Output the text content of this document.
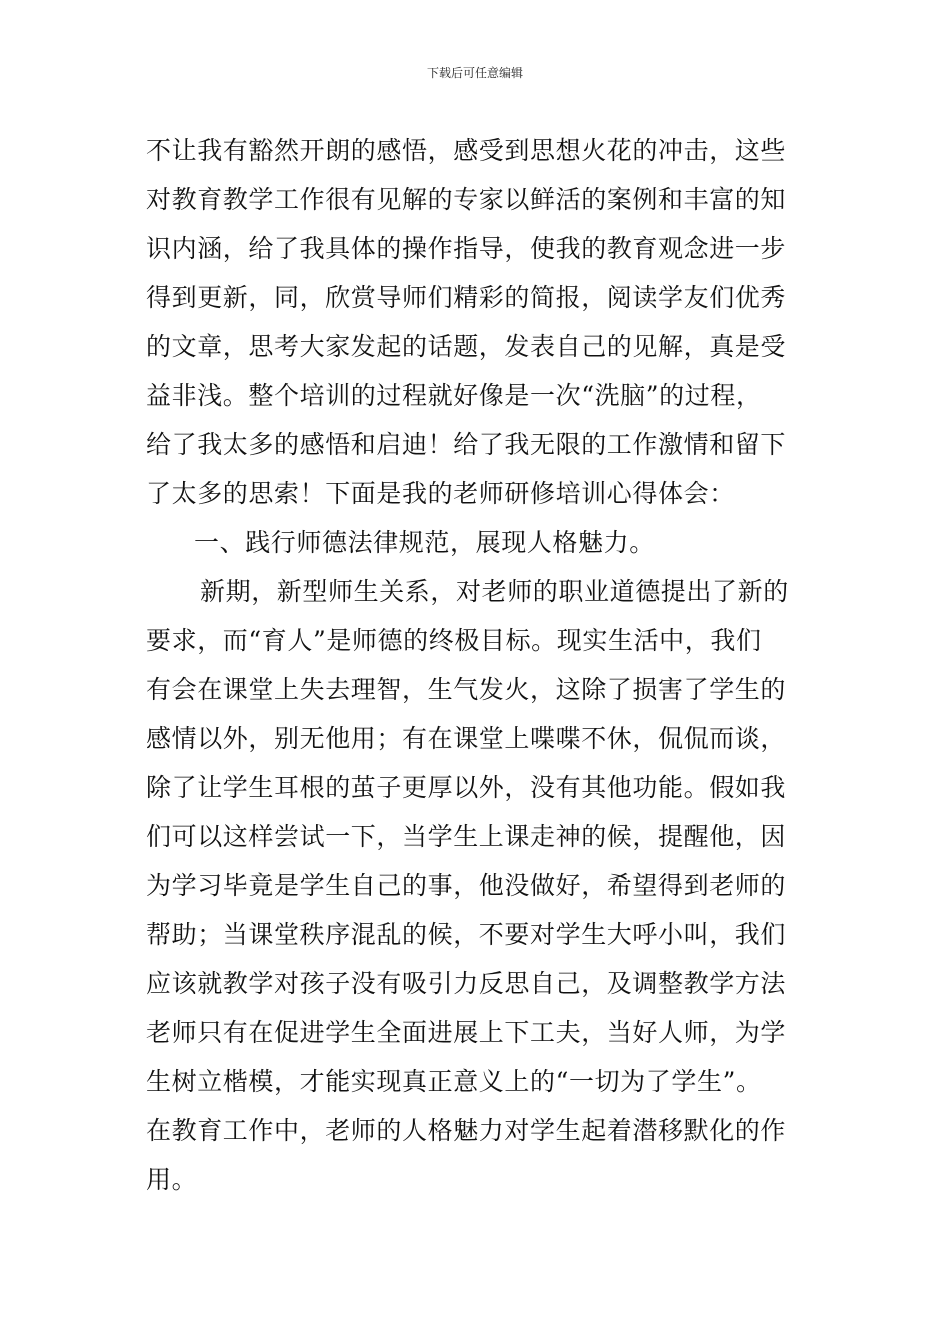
下载后可任意编辑
不让我有豁然开朗的感悟，感受到思想火花的冲击，这些
对教育教学工作很有见解的专家以鲜活的案例和丰富的知
识内涵，给了我具体的操作指导，使我的教育观念进一步
得到更新，同，欣赏导师们精彩的简报，阅读学友们优秀
的文章，思考大家发起的话题，发表自己的见解，真是受
益非浅。整个培训的过程就好像是一次“洗脑”的过程，
给了我太多的感悟和启迪！给了我无限的工作激情和留下
了太多的思索！下面是我的老师研修培训心得体会：
一、践行师德法律规范，展现人格魅力。
新期，新型师生关系，对老师的职业道德提出了新的
要求，而“育人”是师德的终极目标。现实生活中，我们
有会在课堂上失去理智，生气发火，这除了损害了学生的
感情以外，别无他用；有在课堂上喋喋不休，侃侃而谈，
除了让学生耳根的茧子更厚以外，没有其他功能。假如我
们可以这样尝试一下，当学生上课走神的候，提醒他，因
为学习毕竟是学生自己的事，他没做好，希望得到老师的
帮助；当课堂秩序混乱的候，不要对学生大呼小叫，我们
应该就教学对孩子没有吸引力反思自己，及调整教学方法
老师只有在促进学生全面进展上下工夫，当好人师，为学
生树立楷模，才能实现真正意义上的“一切为了学生”。
在教育工作中，老师的人格魅力对学生起着潜移默化的作
用。
